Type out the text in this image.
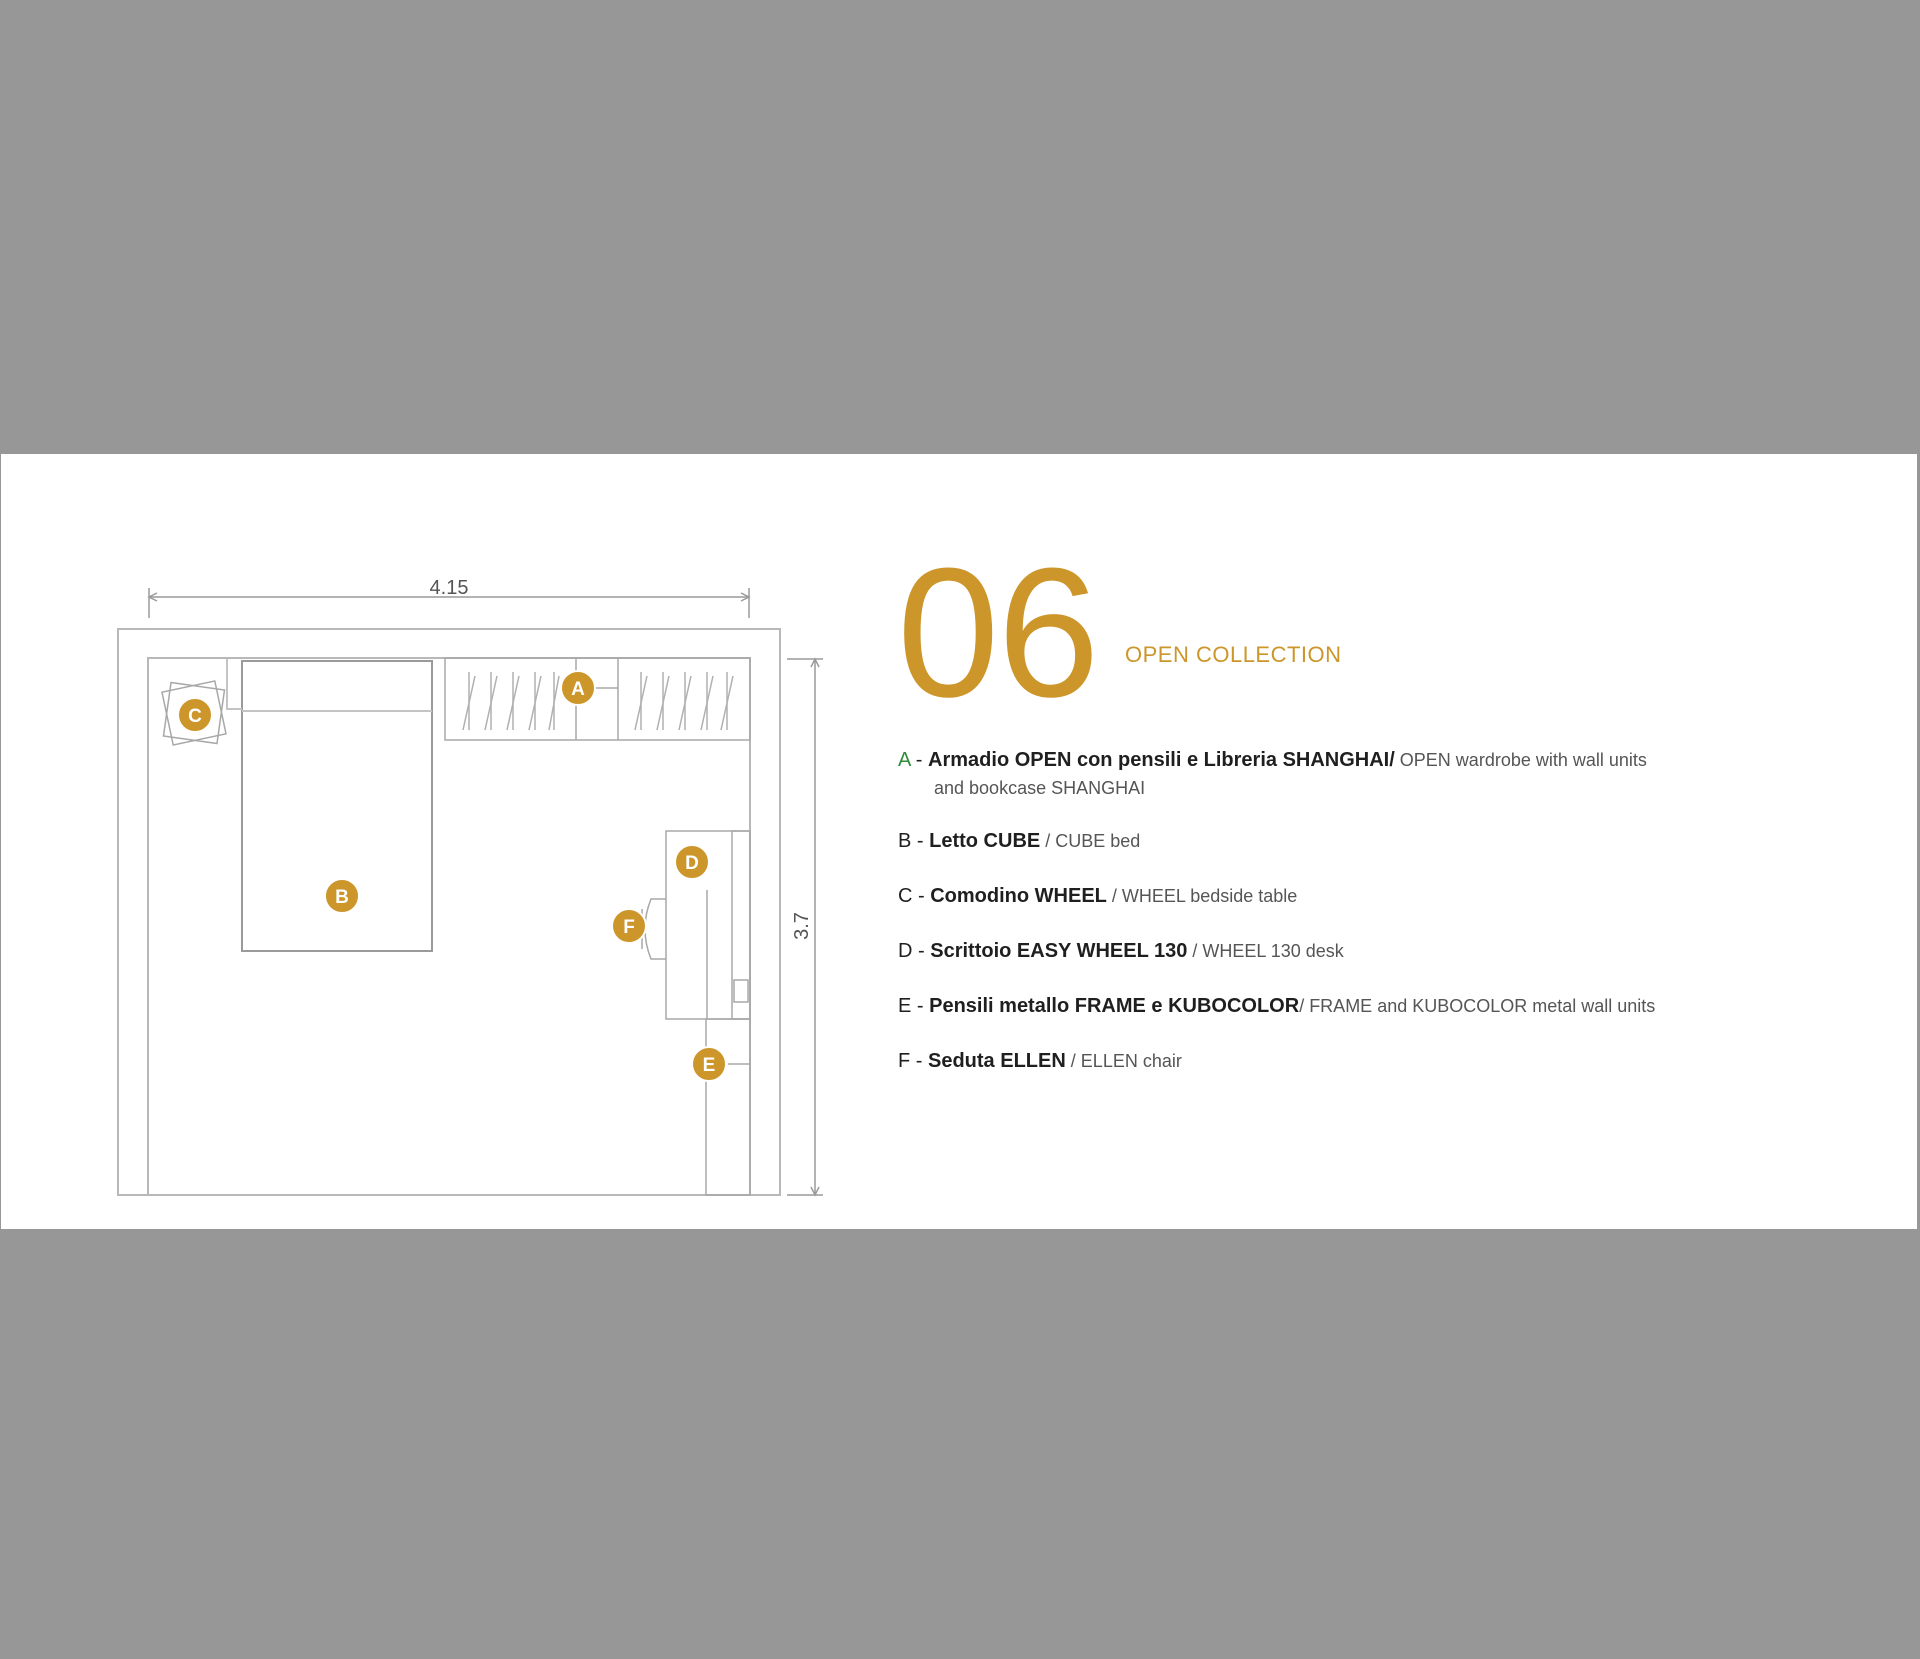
4.15
3.7
A
B
C
D
E
F
06 OPEN COLLECTION
A - Armadio OPEN con pensili e Libreria SHANGHAI/ OPEN wardrobe with wall units
and bookcase SHANGHAI
B - Letto CUBE / CUBE bed
C - Comodino WHEEL / WHEEL bedside table
D - Scrittoio EASY WHEEL 130 / WHEEL 130 desk
E - Pensili metallo FRAME e KUBOCOLOR/ FRAME and KUBOCOLOR metal wall units
F - Seduta ELLEN / ELLEN chair
